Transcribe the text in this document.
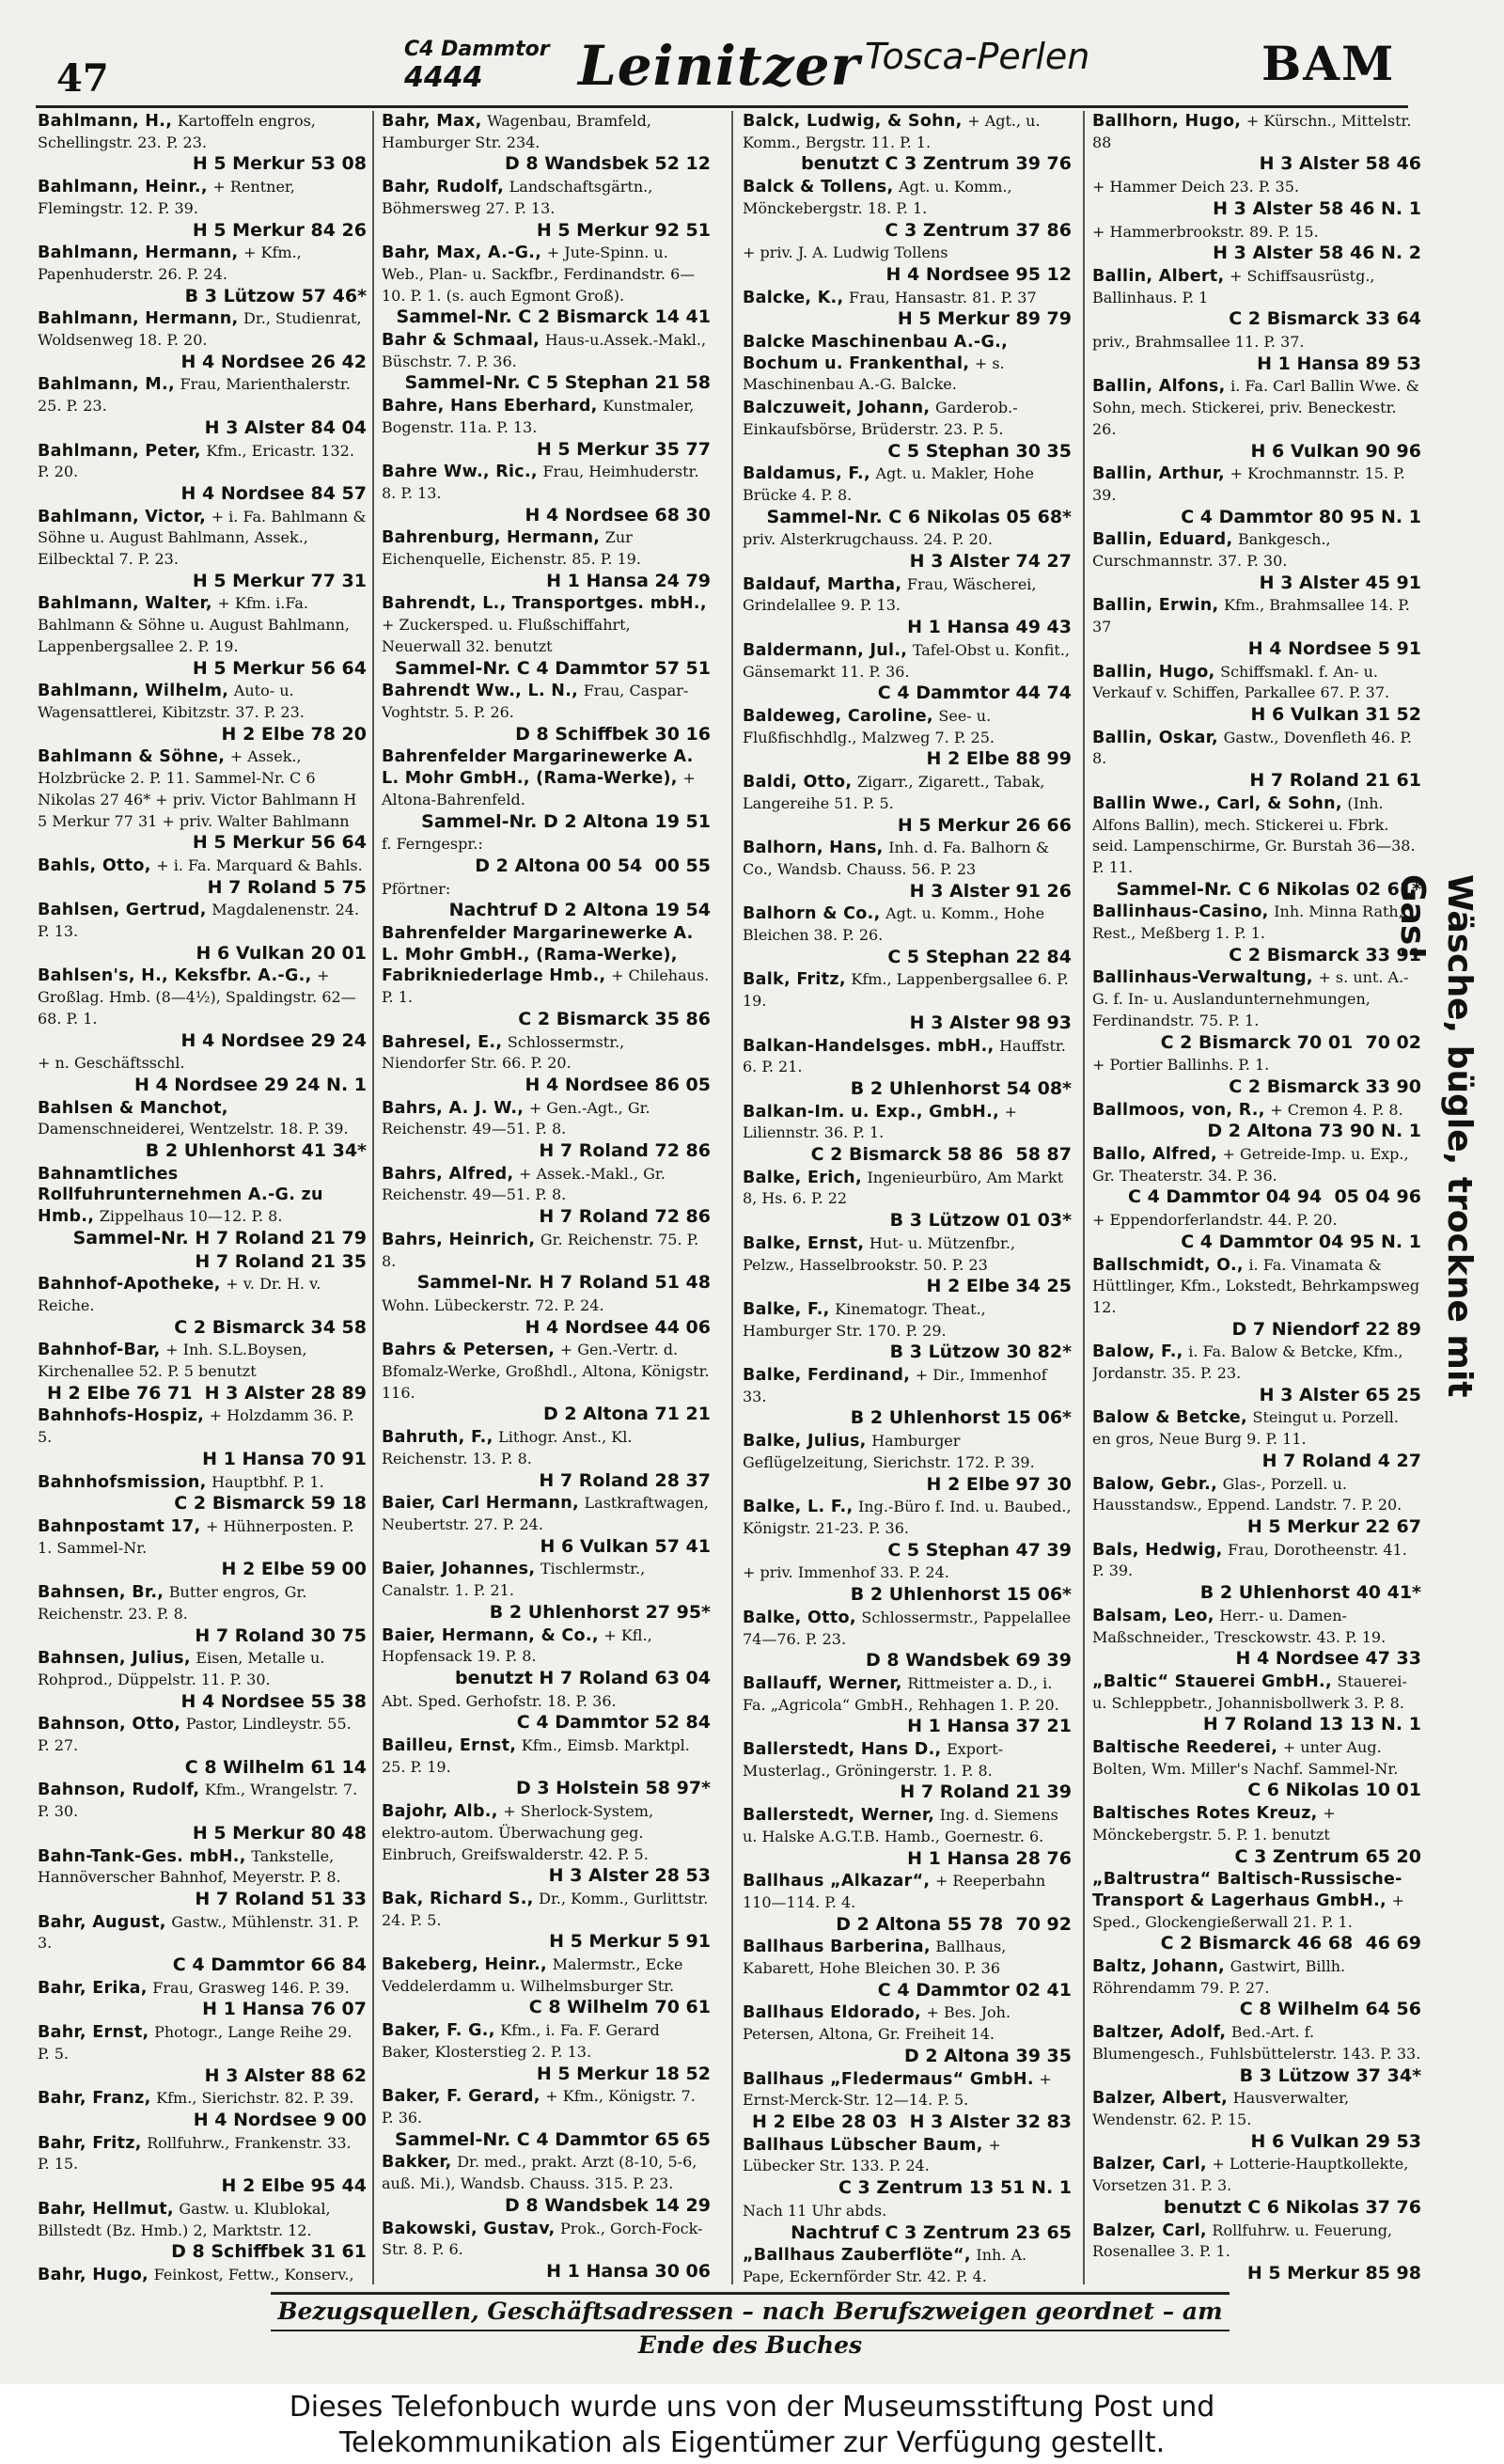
47
C4 Dammtor
4444	Leinitzer Tosca-Perlen	BAM
Bahlmann, H., Kartoffeln engros, Schellingstr. 23. P. 23.
H 5 Merkur 53 08
Bahlmann, Heinr., + Rentner, Flemingstr. 12. P. 39.
H 5 Merkur 84 26
Bahlmann, Hermann, + Kfm., Papenhuderstr. 26. P. 24.
B 3 Lützow 57 46*
Bahlmann, Hermann, Dr., Studienrat, Woldsenweg 18. P. 20.
H 4 Nordsee 26 42
Bahlmann, M., Frau, Marienthalerstr. 25. P. 23.
H 3 Alster 84 04
Bahlmann, Peter, Kfm., Ericastr. 132. P. 20.
H 4 Nordsee 84 57
Bahlmann, Victor, + i. Fa. Bahlmann & Söhne u. August Bahlmann, Assek., Eilbecktal 7. P. 23.
H 5 Merkur 77 31
Bahlmann, Walter, + Kfm. i.Fa. Bahlmann & Söhne u. August Bahlmann, Lappenbergsallee 2. P. 19.
H 5 Merkur 56 64
Bahlmann, Wilhelm, Auto- u. Wagensattlerei, Kibitzstr. 37. P. 23.
H 2 Elbe 78 20
Bahlmann & Söhne, + Assek., Holzbrücke 2. P. 11. Sammel-Nr. C 6 Nikolas 27 46* + priv. Victor Bahlmann H 5 Merkur 77 31 + priv. Walter Bahlmann
H 5 Merkur 56 64
Bahls, Otto, + i. Fa. Marquard & Bahls.
H 7 Roland 5 75
Bahlsen, Gertrud, Magdalenenstr. 24. P. 13.
H 6 Vulkan 20 01
Bahlsen's, H., Keksfbr. A.-G., + Großlag. Hmb. (8—4½), Spaldingstr. 62—68. P. 1.
H 4 Nordsee 29 24
+ n. Geschäftsschl.
H 4 Nordsee 29 24 N. 1
Bahlsen & Manchot, Damenschneiderei, Wentzelstr. 18. P. 39.
B 2 Uhlenhorst 41 34*
Bahnamtliches Rollfuhrunternehmen A.-G. zu Hmb., Zippelhaus 10—12. P. 8.
Sammel-Nr. H 7 Roland 21 79
H 7 Roland 21 35
Bahnhof-Apotheke, + v. Dr. H. v. Reiche.
C 2 Bismarck 34 58
Bahnhof-Bar, + Inh. S.L.Boysen, Kirchenallee 52. P. 5 benutzt
H 2 Elbe 76 71  H 3 Alster 28 89
Bahnhofs-Hospiz, + Holzdamm 36. P. 5.
H 1 Hansa 70 91
Bahnhofsmission, Hauptbhf. P. 1.
C 2 Bismarck 59 18
Bahnpostamt 17, + Hühnerposten. P. 1. Sammel-Nr.
H 2 Elbe 59 00
Bahnsen, Br., Butter engros, Gr. Reichenstr. 23. P. 8.
H 7 Roland 30 75
Bahnsen, Julius, Eisen, Metalle u. Rohprod., Düppelstr. 11. P. 30.
H 4 Nordsee 55 38
Bahnson, Otto, Pastor, Lindleystr. 55. P. 27.
C 8 Wilhelm 61 14
Bahnson, Rudolf, Kfm., Wrangelstr. 7. P. 30.
H 5 Merkur 80 48
Bahn-Tank-Ges. mbH., Tankstelle, Hannöverscher Bahnhof, Meyerstr. P. 8.
H 7 Roland 51 33
Bahr, August, Gastw., Mühlenstr. 31. P. 3.
C 4 Dammtor 66 84
Bahr, Erika, Frau, Grasweg 146. P. 39.
H 1 Hansa 76 07
Bahr, Ernst, Photogr., Lange Reihe 29. P. 5.
H 3 Alster 88 62
Bahr, Franz, Kfm., Sierichstr. 82. P. 39.
H 4 Nordsee 9 00
Bahr, Fritz, Rollfuhrw., Frankenstr. 33. P. 15.
H 2 Elbe 95 44
Bahr, Hellmut, Gastw. u. Klublokal, Billstedt (Bz. Hmb.) 2, Marktstr. 12.
D 8 Schiffbek 31 61
Bahr, Hugo, Feinkost, Fettw., Konserv.,
Bahr, Max, Wagenbau, Bramfeld, Hamburger Str. 234.
D 8 Wandsbek 52 12
Bahr, Rudolf, Landschaftsgärtn., Böhmersweg 27. P. 13.
H 5 Merkur 92 51
Bahr, Max, A.-G., + Jute-Spinn. u. Web., Plan- u. Sackfbr., Ferdinandstr. 6—10. P. 1. (s. auch Egmont Groß).
Sammel-Nr. C 2 Bismarck 14 41
Bahr & Schmaal, Haus-u.Assek.-Makl., Büschstr. 7. P. 36.
Sammel-Nr. C 5 Stephan 21 58
Bahre, Hans Eberhard, Kunstmaler, Bogenstr. 11a. P. 13.
H 5 Merkur 35 77
Bahre Ww., Ric., Frau, Heimhuderstr. 8. P. 13.
H 4 Nordsee 68 30
Bahrenburg, Hermann, Zur Eichenquelle, Eichenstr. 85. P. 19.
H 1 Hansa 24 79
Bahrendt, L., Transportges. mbH., + Zuckersped. u. Flußschiffahrt, Neuerwall 32. benutzt
Sammel-Nr. C 4 Dammtor 57 51
Bahrendt Ww., L. N., Frau, Caspar-Voghtstr. 5. P. 26.
D 8 Schiffbek 30 16
Bahrenfelder Margarinewerke A. L. Mohr GmbH., (Rama-Werke), + Altona-Bahrenfeld.
Sammel-Nr. D 2 Altona 19 51
f. Ferngespr.:
D 2 Altona 00 54  00 55
Pförtner:
Nachtruf D 2 Altona 19 54
Bahrenfelder Margarinewerke A. L. Mohr GmbH., (Rama-Werke), Fabrikniederlage Hmb., + Chilehaus. P. 1.
C 2 Bismarck 35 86
Bahresel, E., Schlossermstr., Niendorfer Str. 66. P. 20.
H 4 Nordsee 86 05
Bahrs, A. J. W., + Gen.-Agt., Gr. Reichenstr. 49—51. P. 8.
H 7 Roland 72 86
Bahrs, Alfred, + Assek.-Makl., Gr. Reichenstr. 49—51. P. 8.
H 7 Roland 72 86
Bahrs, Heinrich, Gr. Reichenstr. 75. P. 8.
Sammel-Nr. H 7 Roland 51 48
Wohn. Lübeckerstr. 72. P. 24.
H 4 Nordsee 44 06
Bahrs & Petersen, + Gen.-Vertr. d. Bfomalz-Werke, Großhdl., Altona, Königstr. 116.
D 2 Altona 71 21
Bahruth, F., Lithogr. Anst., Kl. Reichenstr. 13. P. 8.
H 7 Roland 28 37
Baier, Carl Hermann, Lastkraftwagen, Neubertstr. 27. P. 24.
H 6 Vulkan 57 41
Baier, Johannes, Tischlermstr., Canalstr. 1. P. 21.
B 2 Uhlenhorst 27 95*
Baier, Hermann, & Co., + Kfl., Hopfensack 19. P. 8.
benutzt H 7 Roland 63 04
Abt. Sped. Gerhofstr. 18. P. 36.
C 4 Dammtor 52 84
Bailleu, Ernst, Kfm., Eimsb. Marktpl. 25. P. 19.
D 3 Holstein 58 97*
Bajohr, Alb., + Sherlock-System, elektro-autom. Überwachung geg. Einbruch, Greifswalderstr. 42. P. 5.
H 3 Alster 28 53
Bak, Richard S., Dr., Komm., Gurlittstr. 24. P. 5.
H 5 Merkur 5 91
Bakeberg, Heinr., Malermstr., Ecke Veddelerdamm u. Wilhelmsburger Str.
C 8 Wilhelm 70 61
Baker, F. G., Kfm., i. Fa. F. Gerard Baker, Klosterstieg 2. P. 13.
H 5 Merkur 18 52
Baker, F. Gerard, + Kfm., Königstr. 7. P. 36.
Sammel-Nr. C 4 Dammtor 65 65
Bakker, Dr. med., prakt. Arzt (8-10, 5-6, auß. Mi.), Wandsb. Chauss. 315. P. 23.
D 8 Wandsbek 14 29
Bakowski, Gustav, Prok., Gorch-Fock-Str. 8. P. 6.
H 1 Hansa 30 06
Balck, Ludwig, & Sohn, + Agt., u. Komm., Bergstr. 11. P. 1.
benutzt C 3 Zentrum 39 76
Balck & Tollens, Agt. u. Komm., Mönckebergstr. 18. P. 1.
C 3 Zentrum 37 86
+ priv. J. A. Ludwig Tollens
H 4 Nordsee 95 12
Balcke, K., Frau, Hansastr. 81. P. 37
H 5 Merkur 89 79
Balcke Maschinenbau A.-G., Bochum u. Frankenthal, + s. Maschinenbau A.-G. Balcke.
Balczuweit, Johann, Garderob.-Einkaufsbörse, Brüderstr. 23. P. 5.
C 5 Stephan 30 35
Baldamus, F., Agt. u. Makler, Hohe Brücke 4. P. 8.
Sammel-Nr. C 6 Nikolas 05 68*
priv. Alsterkrugchauss. 24. P. 20.
H 3 Alster 74 27
Baldauf, Martha, Frau, Wäscherei, Grindelallee 9. P. 13.
H 1 Hansa 49 43
Baldermann, Jul., Tafel-Obst u. Konfit., Gänsemarkt 11. P. 36.
C 4 Dammtor 44 74
Baldeweg, Caroline, See- u. Flußfischhdlg., Malzweg 7. P. 25.
H 2 Elbe 88 99
Baldi, Otto, Zigarr., Zigarett., Tabak, Langereihe 51. P. 5.
H 5 Merkur 26 66
Balhorn, Hans, Inh. d. Fa. Balhorn & Co., Wandsb. Chauss. 56. P. 23
H 3 Alster 91 26
Balhorn & Co., Agt. u. Komm., Hohe Bleichen 38. P. 26.
C 5 Stephan 22 84
Balk, Fritz, Kfm., Lappenbergsallee 6. P. 19.
H 3 Alster 98 93
Balkan-Handelsges. mbH., Hauffstr. 6. P. 21.
B 2 Uhlenhorst 54 08*
Balkan-Im. u. Exp., GmbH., + Liliennstr. 36. P. 1.
C 2 Bismarck 58 86  58 87
Balke, Erich, Ingenieurbüro, Am Markt 8, Hs. 6. P. 22
B 3 Lützow 01 03*
Balke, Ernst, Hut- u. Mützenfbr., Pelzw., Hasselbrookstr. 50. P. 23
H 2 Elbe 34 25
Balke, F., Kinematogr. Theat., Hamburger Str. 170. P. 29.
B 3 Lützow 30 82*
Balke, Ferdinand, + Dir., Immenhof 33.
B 2 Uhlenhorst 15 06*
Balke, Julius, Hamburger Geflügelzeitung, Sierichstr. 172. P. 39.
H 2 Elbe 97 30
Balke, L. F., Ing.-Büro f. Ind. u. Baubed., Königstr. 21-23. P. 36.
C 5 Stephan 47 39
+ priv. Immenhof 33. P. 24.
B 2 Uhlenhorst 15 06*
Balke, Otto, Schlossermstr., Pappelallee 74—76. P. 23.
D 8 Wandsbek 69 39
Ballauff, Werner, Rittmeister a. D., i. Fa. „Agricola“ GmbH., Rehhagen 1. P. 20.
H 1 Hansa 37 21
Ballerstedt, Hans D., Export-Musterlag., Gröningerstr. 1. P. 8.
H 7 Roland 21 39
Ballerstedt, Werner, Ing. d. Siemens u. Halske A.G.T.B. Hamb., Goernestr. 6.
H 1 Hansa 28 76
Ballhaus „Alkazar“, + Reeperbahn 110—114. P. 4.
D 2 Altona 55 78  70 92
Ballhaus Barberina, Ballhaus, Kabarett, Hohe Bleichen 30. P. 36
C 4 Dammtor 02 41
Ballhaus Eldorado, + Bes. Joh. Petersen, Altona, Gr. Freiheit 14.
D 2 Altona 39 35
Ballhaus „Fledermaus“ GmbH. + Ernst-Merck-Str. 12—14. P. 5.
H 2 Elbe 28 03  H 3 Alster 32 83
Ballhaus Lübscher Baum, + Lübecker Str. 133. P. 24.
C 3 Zentrum 13 51 N. 1
Nach 11 Uhr abds.
Nachtruf C 3 Zentrum 23 65
„Ballhaus Zauberflöte“, Inh. A. Pape, Eckernförder Str. 42. P. 4.
Ballhorn, Hugo, + Kürschn., Mittelstr. 88
H 3 Alster 58 46
+ Hammer Deich 23. P. 35.
H 3 Alster 58 46 N. 1
+ Hammerbrookstr. 89. P. 15.
H 3 Alster 58 46 N. 2
Ballin, Albert, + Schiffsausrüstg., Ballinhaus. P. 1
C 2 Bismarck 33 64
priv., Brahmsallee 11. P. 37.
H 1 Hansa 89 53
Ballin, Alfons, i. Fa. Carl Ballin Wwe. & Sohn, mech. Stickerei, priv. Beneckestr. 26.
H 6 Vulkan 90 96
Ballin, Arthur, + Krochmannstr. 15. P. 39.
C 4 Dammtor 80 95 N. 1
Ballin, Eduard, Bankgesch., Curschmannstr. 37. P. 30.
H 3 Alster 45 91
Ballin, Erwin, Kfm., Brahmsallee 14. P. 37
H 4 Nordsee 5 91
Ballin, Hugo, Schiffsmakl. f. An- u. Verkauf v. Schiffen, Parkallee 67. P. 37.
H 6 Vulkan 31 52
Ballin, Oskar, Gastw., Dovenfleth 46. P. 8.
H 7 Roland 21 61
Ballin Wwe., Carl, & Sohn, (Inh. Alfons Ballin), mech. Stickerei u. Fbrk. seid. Lampenschirme, Gr. Burstah 36—38. P. 11.
Sammel-Nr. C 6 Nikolas 02 61*
Ballinhaus-Casino, Inh. Minna Rath, Rest., Meßberg 1. P. 1.
C 2 Bismarck 33 91
Ballinhaus-Verwaltung, + s. unt. A.-G. f. In- u. Auslandunternehmungen, Ferdinandstr. 75. P. 1.
C 2 Bismarck 70 01  70 02
+ Portier Ballinhs. P. 1.
C 2 Bismarck 33 90
Ballmoos, von, R., + Cremon 4. P. 8.
D 2 Altona 73 90 N. 1
Ballo, Alfred, + Getreide-Imp. u. Exp., Gr. Theaterstr. 34. P. 36.
C 4 Dammtor 04 94  05 04 96
+ Eppendorferlandstr. 44. P. 20.
C 4 Dammtor 04 95 N. 1
Ballschmidt, O., i. Fa. Vinamata & Hüttlinger, Kfm., Lokstedt, Behrkampsweg 12.
D 7 Niendorf 22 89
Balow, F., i. Fa. Balow & Betcke, Kfm., Jordanstr. 35. P. 23.
H 3 Alster 65 25
Balow & Betcke, Steingut u. Porzell. en gros, Neue Burg 9. P. 11.
H 7 Roland 4 27
Balow, Gebr., Glas-, Porzell. u. Hausstandsw., Eppend. Landstr. 7. P. 20.
H 5 Merkur 22 67
Bals, Hedwig, Frau, Dorotheenstr. 41. P. 39.
B 2 Uhlenhorst 40 41*
Balsam, Leo, Herr.- u. Damen-Maßschneider., Tresckowstr. 43. P. 19.
H 4 Nordsee 47 33
„Baltic“ Stauerei GmbH., Stauerei- u. Schleppbetr., Johannisbollwerk 3. P. 8.
H 7 Roland 13 13 N. 1
Baltische Reederei, + unter Aug. Bolten, Wm. Miller's Nachf. Sammel-Nr.
C 6 Nikolas 10 01
Baltisches Rotes Kreuz, + Mönckebergstr. 5. P. 1. benutzt
C 3 Zentrum 65 20
„Baltrustra“ Baltisch-Russische-Transport & Lagerhaus GmbH., + Sped., Glockengießerwall 21. P. 1.
C 2 Bismarck 46 68  46 69
Baltz, Johann, Gastwirt, Billh. Röhrendamm 79. P. 27.
C 8 Wilhelm 64 56
Baltzer, Adolf, Bed.-Art. f. Blumengesch., Fuhlsbüttelerstr. 143. P. 33.
B 3 Lützow 37 34*
Balzer, Albert, Hausverwalter, Wendenstr. 62. P. 15.
H 6 Vulkan 29 53
Balzer, Carl, + Lotterie-Hauptkollekte, Vorsetzen 31. P. 3.
benutzt C 6 Nikolas 37 76
Balzer, Carl, Rollfuhrw. u. Feuerung, Rosenallee 3. P. 1.
H 5 Merkur 85 98
Wäsche, bügle, trockne mit Gas!
Bezugsquellen, Geschäftsadressen – nach Berufszweigen geordnet – am Ende des Buches
Dieses Telefonbuch wurde uns von der Museumsstiftung Post und
Telekommunikation als Eigentümer zur Verfügung gestellt.
